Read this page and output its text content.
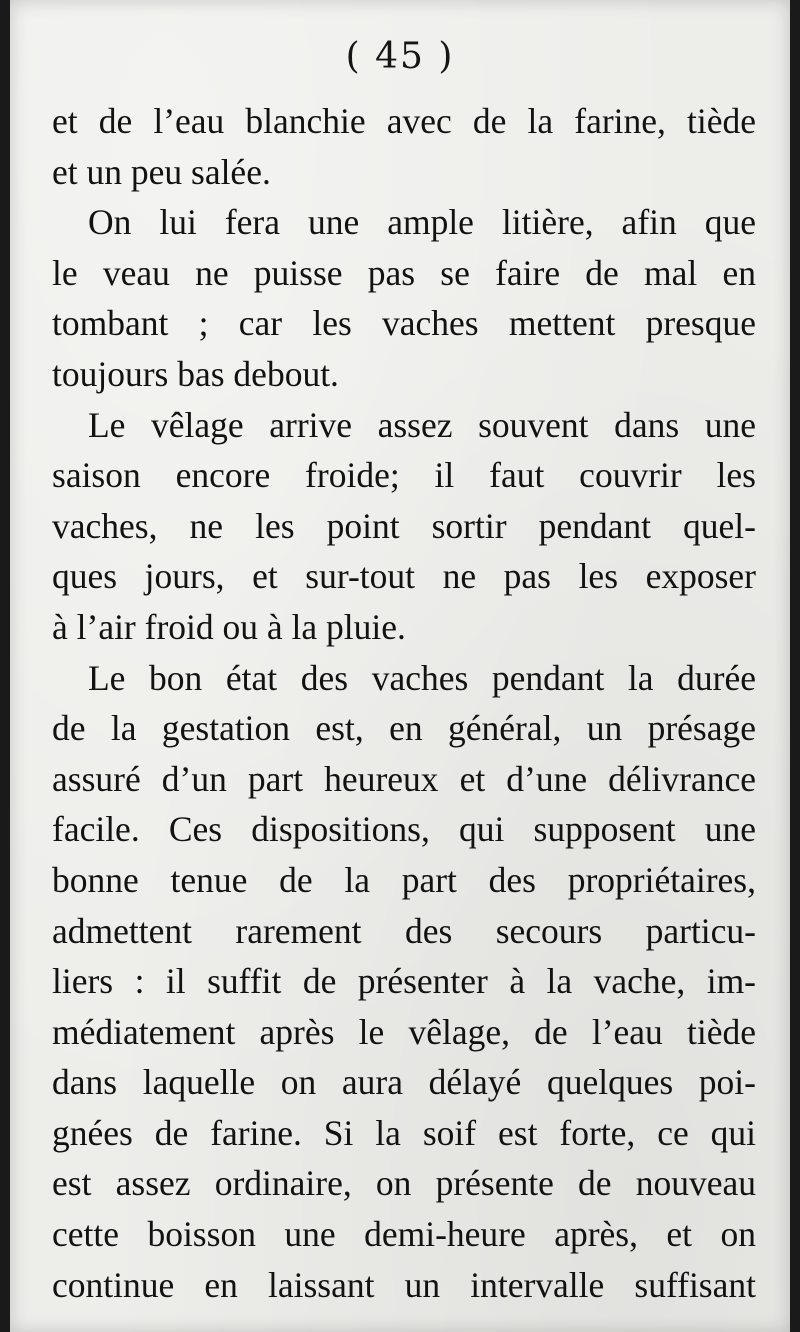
( 45 )
et de l’eau blanchie avec de la farine, tiède
et un peu salée.
On lui fera une ample litière, afin que
le veau ne puisse pas se faire de mal en
tombant ; car les vaches mettent presque
toujours bas debout.
Le vêlage arrive assez souvent dans une
saison encore froide; il faut couvrir les
vaches, ne les point sortir pendant quel-
ques jours, et sur-tout ne pas les exposer
à l’air froid ou à la pluie.
Le bon état des vaches pendant la durée
de la gestation est, en général, un présage
assuré d’un part heureux et d’une délivrance
facile. Ces dispositions, qui supposent une
bonne tenue de la part des propriétaires,
admettent rarement des secours particu-
liers : il suffit de présenter à la vache, im-
médiatement après le vêlage, de l’eau tiède
dans laquelle on aura délayé quelques poi-
gnées de farine. Si la soif est forte, ce qui
est assez ordinaire, on présente de nouveau
cette boisson une demi-heure après, et on
continue en laissant un intervalle suffisant
